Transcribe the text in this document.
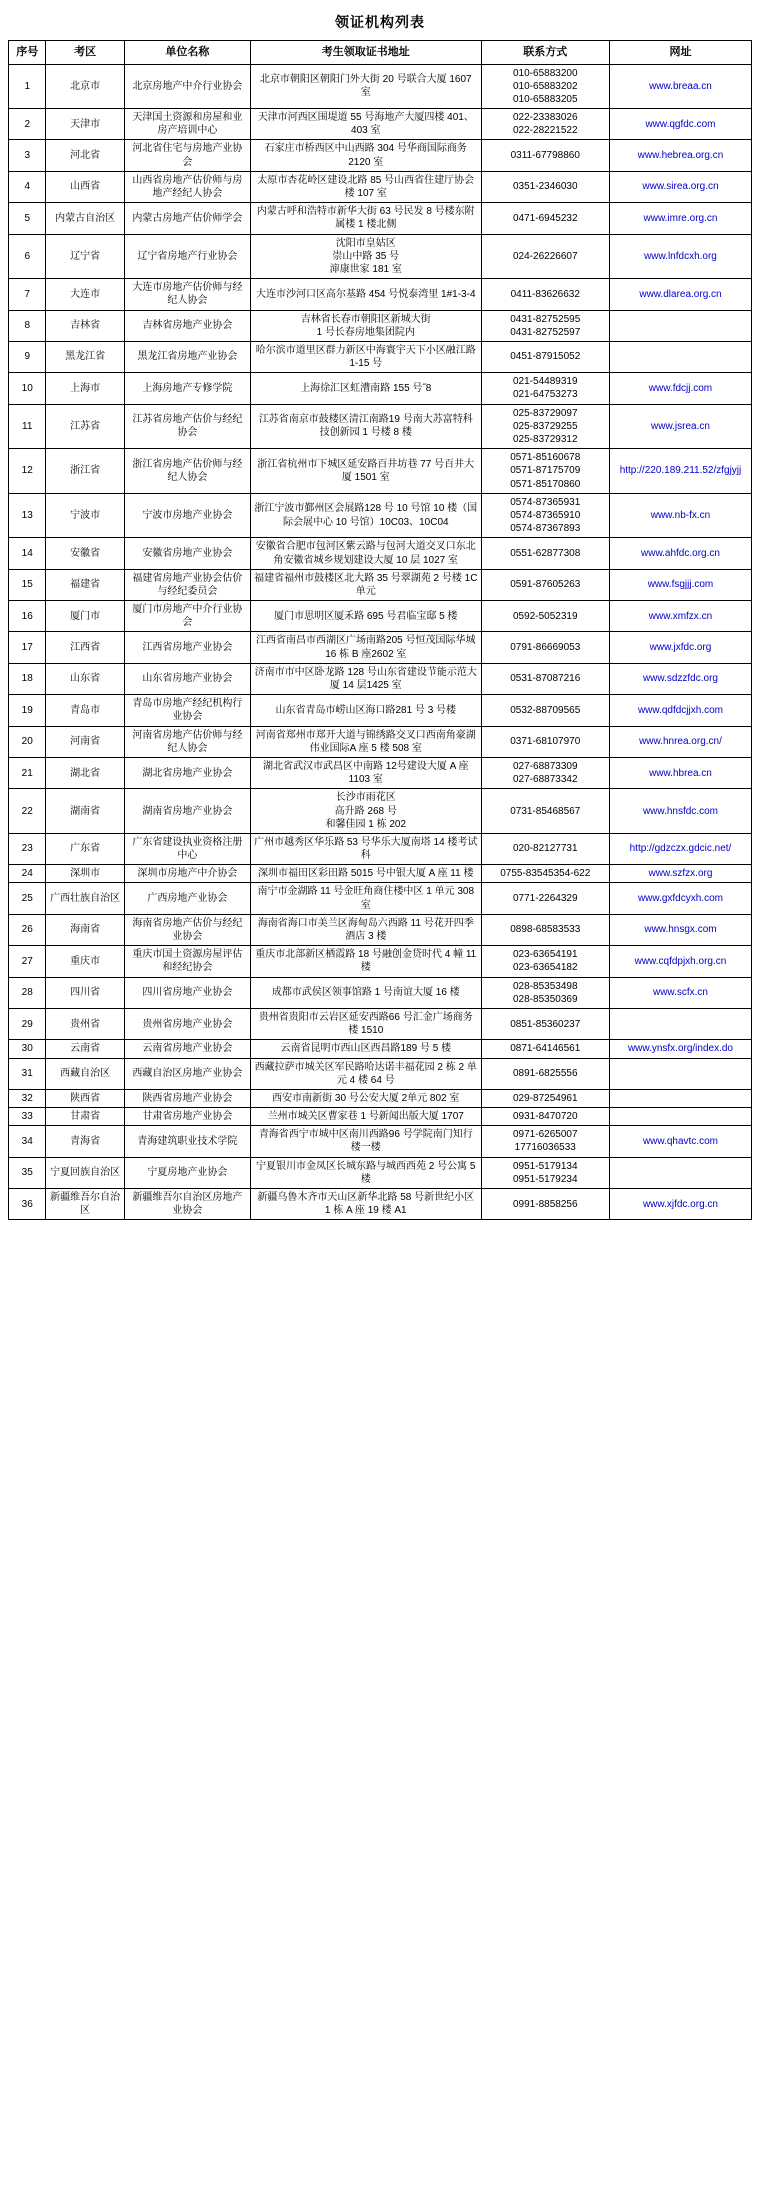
领证机构列表
序号	考区	单位名称	考生领取证书地址	联系方式	网址
1	北京市	北京房地产中介行业协会	北京市朝阳区朝阳门外大街 20 号联合大厦 1607 室	010-65883200
010-65883202
010-65883205	www.breaa.cn
2	天津市	天津国土资源和房屋和业房产培训中心	天津市河西区围堤道 55 号海地产大厦四楼 401、403 室	022-23383026
022-28221522	www.qgfdc.com
3	河北省	河北省住宅与房地产业协会	石家庄市桥西区中山西路 304 号华商国际商务 2120 室	0311-67798860	www.hebrea.org.cn
4	山西省	山西省房地产估价师与房地产经纪人协会	太原市杏花岭区建设北路 85 号山西省住建厅协会楼 107 室	0351-2346030	www.sirea.org.cn
5	内蒙古自治区	内蒙古房地产估价师学会	内蒙古呼和浩特市新华大街 63 号民发 8 号楼东附属楼 1 楼北侧	0471-6945232	www.imre.org.cn
6	辽宁省	辽宁省房地产行业协会	沈阳市皇姑区
崇山中路 35 号
渖康世家 181 室	024-26226607	www.lnfdcxh.org
7	大连市	大连市房地产估价师与经纪人协会	大连市沙河口区高尔基路 454 号悦泰湾里 1#1-3-4	0411-83626632	www.dlarea.org.cn
8	吉林省	吉林省房地产业协会	吉林省长春市朝阳区新城大街
1 号长春房地集团院内	0431-82752595
0431-82752597	
9	黑龙江省	黑龙江省房地产业协会	哈尔滨市道里区群力新区中海寰宇天下小区融江路 1-15 号	0451-87915052	
10	上海市	上海房地产专修学院	上海徐汇区虹漕南路 155 号˝8	021-54489319
021-64753273	www.fdcjj.com
11	江苏省	江苏省房地产估价与经纪协会	江苏省南京市鼓楼区清江南路19 号南大苏富特科技创新园 1 号楼 8 楼	025-83729097
025-83729255
025-83729312	www.jsrea.cn
12	浙江省	浙江省房地产估价师与经纪人协会	浙江省杭州市下城区延安路百井坊巷 77 号百井大厦 1501 室	0571-85160678
0571-87175709
0571-85170860	http://220.189.211.52/zfgjyjj
13	宁波市	宁波市房地产业协会	浙江宁波市鄞州区会展路128 号 10 号馆 10 楼（国际会展中心 10 号馆）10C03、10C04	0574-87365931
0574-87365910
0574-87367893	www.nb-fx.cn
14	安徽省	安徽省房地产业协会	安徽省合肥市包河区紫云路与包河大道交叉口东北角安徽省城乡规划建设大厦 10 层 1027 室	0551-62877308	www.ahfdc.org.cn
15	福建省	福建省房地产业协会估价与经纪委员会	福建省福州市鼓楼区北大路 35 号翠湖苑 2 号楼 1C 单元	0591-87605263	www.fsgjjj.com
16	厦门市	厦门市房地产中介行业协会	厦门市思明区厦禾路 695 号君临宝邸 5 楼	0592-5052319	www.xmfzx.cn
17	江西省	江西省房地产业协会	江西省南昌市西湖区广场南路205 号恒茂国际华城 16 栋 B 座2602 室	0791-86669053	www.jxfdc.org
18	山东省	山东省房地产业协会	济南市市中区卧龙路 128 号山东省建设节能示范大厦 14 层1425 室	0531-87087216	www.sdzzfdc.org
19	青岛市	青岛市房地产经纪机构行业协会	山东省青岛市崂山区海口路281 号 3 号楼	0532-88709565	www.qdfdcjjxh.com
20	河南省	河南省房地产估价师与经纪人协会	河南省郑州市郑开大道与锦绣路交叉口西南角豪湖伟业国际A 座 5 楼 508 室	0371-68107970	www.hnrea.org.cn/
21	湖北省	湖北省房地产业协会	湖北省武汉市武昌区中南路 12号建设大厦 A 座 1103 室	027-68873309
027-68873342	www.hbrea.cn
22	湖南省	湖南省房地产业协会	长沙市雨花区
高升路 268 号
和馨佳园 1 栋 202	0731-85468567	www.hnsfdc.com
23	广东省	广东省建设执业资格注册中心	广州市越秀区华乐路 53 号华乐大厦南塔 14 楼考试科	020-82127731	http://gdzczx.gdcic.net/
24	深圳市	深圳市房地产中介协会	深圳市福田区彩田路 5015 号中银大厦 A 座 11 楼	0755-83545354-622	www.szfzx.org
25	广西壮族自治区	广西房地产业协会	南宁市金湖路 11 号金旺角商住楼中区 1 单元 308 室	0771-2264329	www.gxfdcyxh.com
26	海南省	海南省房地产估价与经纪业协会	海南省海口市美兰区海甸岛六西路 11 号花开四季酒店 3 楼	0898-68583533	www.hnsgx.com
27	重庆市	重庆市国土资源房屋评估和经纪协会	重庆市北部新区栖霞路 18 号融创金贷时代 4 幢 11 楼	023-63654191
023-63654182	www.cqfdpjxh.org.cn
28	四川省	四川省房地产业协会	成都市武侯区领事馆路 1 号南谊大厦 16 楼	028-85353498
028-85350369	www.scfx.cn
29	贵州省	贵州省房地产业协会	贵州省贵阳市云岩区延安西路66 号汇金广场商务楼 1510	0851-85360237	
30	云南省	云南省房地产业协会	云南省昆明市西山区西昌路189 号 5 楼	0871-64146561	www.ynsfx.org/index.do
31	西藏自治区	西藏自治区房地产业协会	西藏拉萨市城关区军民路哈达诺丰福花园 2 栋 2 单元 4 楼 64 号	0891-6825556	
32	陕西省	陕西省房地产业协会	西安市南新街 30 号公安大厦 2单元 802 室	029-87254961	
33	甘肃省	甘肃省房地产业协会	兰州市城关区曹家巷 1 号新闻出版大厦 1707	0931-8470720	
34	青海省	青海建筑职业技术学院	青海省西宁市城中区南川西路96 号学院南门知行楼一楼	0971-6265007
17716036533	www.qhavtc.com
35	宁夏回族自治区	宁夏房地产业协会	宁夏银川市金凤区长城东路与城西西苑 2 号公寓 5 楼	0951-5179134
0951-5179234	
36	新疆维吾尔自治区	新疆维吾尔自治区房地产业协会	新疆乌鲁木齐市天山区新华北路 58 号新世纪小区 1 栋 A 座 19 楼 A1	0991-8858256	www.xjfdc.org.cn
